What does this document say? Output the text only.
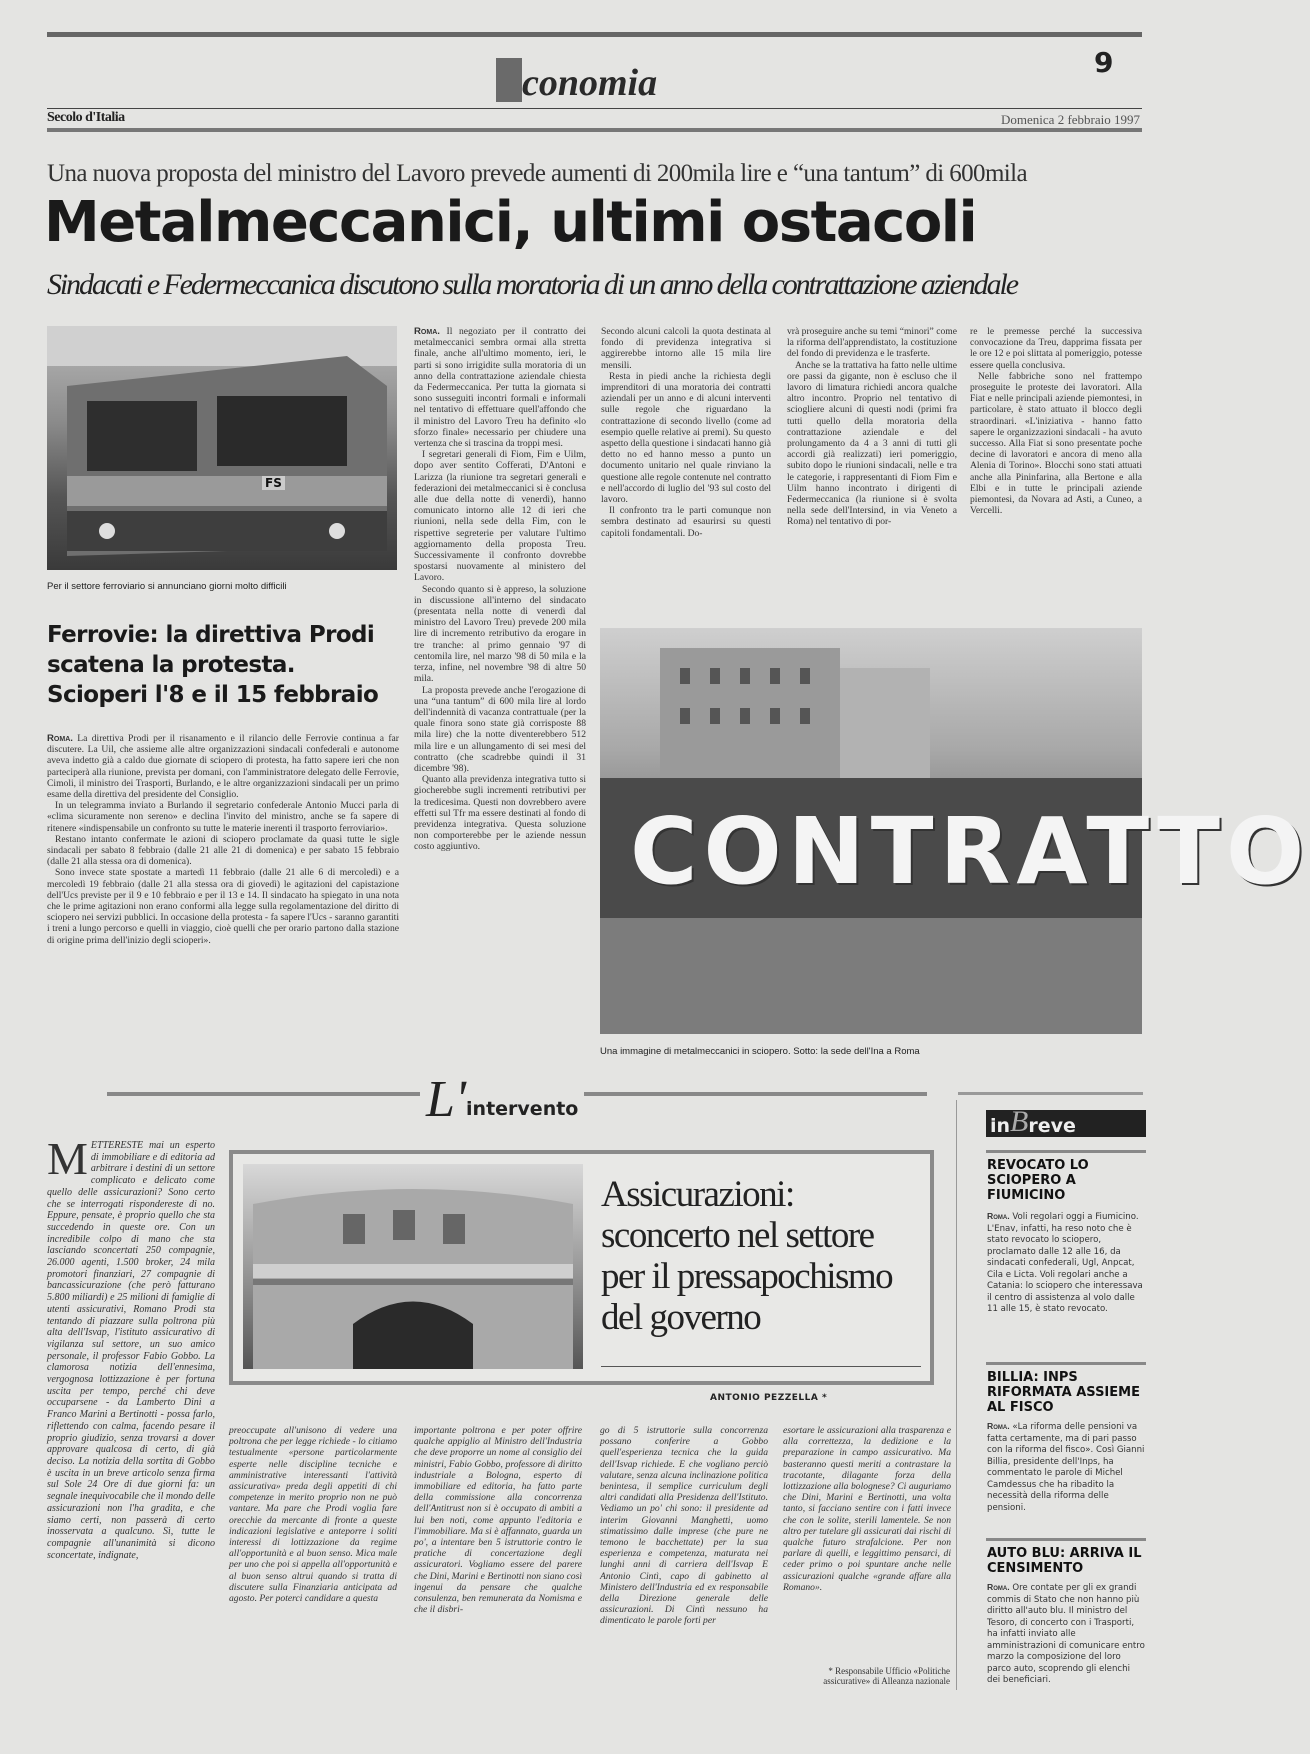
conomia	9
Secolo d'Italia	Domenica 2 febbraio 1997
Una nuova proposta del ministro del Lavoro prevede aumenti di 200mila lire e “una tantum” di 600mila
Metalmeccanici, ultimi ostacoli
Sindacati e Federmeccanica discutono sulla moratoria di un anno della contrattazione aziendale
FS
Per il settore ferroviario si annunciano giorni molto difficili
Ferrovie: la direttiva Prodi scatena la protesta. Scioperi l'8 e il 15 febbraio

Roma. La direttiva Prodi per il risanamento e il rilancio delle Ferrovie continua a far discutere. La Uil, che assieme alle altre organizzazioni sindacali confederali e autonome aveva indetto già a caldo due giornate di sciopero di protesta, ha fatto sapere ieri che non parteciperà alla riunione, prevista per domani, con l'amministratore delegato delle Ferrovie, Cimoli, il ministro dei Trasporti, Burlando, e le altre organizzazioni sindacali per un primo esame della direttiva del presidente del Consiglio.

In un telegramma inviato a Burlando il segretario confederale Antonio Mucci parla di «clima sicuramente non sereno» e declina l'invito del ministro, anche se fa sapere di ritenere «indispensabile un confronto su tutte le materie inerenti il trasporto ferroviario».

Restano intanto confermate le azioni di sciopero proclamate da quasi tutte le sigle sindacali per sabato 8 febbraio (dalle 21 alle 21 di domenica) e per sabato 15 febbraio (dalle 21 alla stessa ora di domenica).

Sono invece state spostate a martedì 11 febbraio (dalle 21 alle 6 di mercoledì) e a mercoledì 19 febbraio (dalle 21 alla stessa ora di giovedì) le agitazioni del capistazione dell'Ucs previste per il 9 e 10 febbraio e per il 13 e 14. Il sindacato ha spiegato in una nota che le prime agitazioni non erano conformi alla legge sulla regolamentazione del diritto di sciopero nei servizi pubblici. In occasione della protesta - fa sapere l'Ucs - saranno garantiti i treni a lungo percorso e quelli in viaggio, cioè quelli che per orario partono dalla stazione di origine prima dell'inizio degli scioperi».

Roma. Il negoziato per il contratto dei metalmeccanici sembra ormai alla stretta finale, anche all'ultimo momento, ieri, le parti si sono irrigidite sulla moratoria di un anno della contrattazione aziendale chiesta da Federmeccanica. Per tutta la giornata si sono susseguiti incontri formali e informali nel tentativo di effettuare quell'affondo che il ministro del Lavoro Treu ha definito «lo sforzo finale» necessario per chiudere una vertenza che si trascina da troppi mesi.

I segretari generali di Fiom, Fim e Uilm, dopo aver sentito Cofferati, D'Antoni e Larizza (la riunione tra segretari generali e federazioni dei metalmeccanici si è conclusa alle due della notte di venerdì), hanno comunicato intorno alle 12 di ieri che riunioni, nella sede della Fim, con le rispettive segreterie per valutare l'ultimo aggiornamento della proposta Treu. Successivamente il confronto dovrebbe spostarsi nuovamente al ministero del Lavoro.

Secondo quanto si è appreso, la soluzione in discussione all'interno del sindacato (presentata nella notte di venerdì dal ministro del Lavoro Treu) prevede 200 mila lire di incremento retributivo da erogare in tre tranche: al primo gennaio '97 di centomila lire, nel marzo '98 di 50 mila e la terza, infine, nel novembre '98 di altre 50 mila.

La proposta prevede anche l'erogazione di una “una tantum” di 600 mila lire al lordo dell'indennità di vacanza contrattuale (per la quale finora sono state già corrisposte 88 mila lire) che la notte diventerebbero 512 mila lire e un allungamento di sei mesi del contratto (che scadrebbe quindi il 31 dicembre '98).

Quanto alla previdenza integrativa tutto si giocherebbe sugli incrementi retributivi per la tredicesima. Questi non dovrebbero avere effetti sul Tfr ma essere destinati al fondo di previdenza integrativa. Questa soluzione non comporterebbe per le aziende nessun costo aggiuntivo.

Secondo alcuni calcoli la quota destinata al fondo di previdenza integrativa si aggirerebbe intorno alle 15 mila lire mensili.

Resta in piedi anche la richiesta degli imprenditori di una moratoria dei contratti aziendali per un anno e di alcuni interventi sulle regole che riguardano la contrattazione di secondo livello (come ad esempio quelle relative ai premi). Su questo aspetto della questione i sindacati hanno già detto no ed hanno messo a punto un documento unitario nel quale rinviano la questione alle regole contenute nel contratto e nell'accordo di luglio del '93 sul costo del lavoro.

Il confronto tra le parti comunque non sembra destinato ad esaurirsi su questi capitoli fondamentali. Do-

vrà proseguire anche su temi “minori” come la riforma dell'apprendistato, la costituzione del fondo di previdenza e le trasferte.

Anche se la trattativa ha fatto nelle ultime ore passi da gigante, non è escluso che il lavoro di limatura richiedi ancora qualche altro incontro. Proprio nel tentativo di sciogliere alcuni di questi nodi (primi fra tutti quello della moratoria della contrattazione aziendale e del prolungamento da 4 a 3 anni di tutti gli accordi già realizzati) ieri pomeriggio, subito dopo le riunioni sindacali, nelle e tra le categorie, i rappresentanti di Fiom Fim e Uilm hanno incontrato i dirigenti di Federmeccanica (la riunione si è svolta nella sede dell'Intersind, in via Veneto a Roma) nel tentativo di por-

re le premesse perché la successiva convocazione da Treu, dapprima fissata per le ore 12 e poi slittata al pomeriggio, potesse essere quella conclusiva.

Nelle fabbriche sono nel frattempo proseguite le proteste dei lavoratori. Alla Fiat e nelle principali aziende piemontesi, in particolare, è stato attuato il blocco degli straordinari. «L'iniziativa - hanno fatto sapere le organizzazioni sindacali - ha avuto successo. Alla Fiat si sono presentate poche decine di lavoratori e ancora di meno alla Alenia di Torino». Blocchi sono stati attuati anche alla Pininfarina, alla Bertone e alla Elbi e in tutte le principali aziende piemontesi, da Novara ad Asti, a Cuneo, a Vercelli.

CONTRATTO
Una immagine di metalmeccanici in sciopero. Sotto: la sede dell'Ina a Roma
L' intervento

METTERESTE mai un esperto di immobiliare e di editoria ad arbitrare i destini di un settore complicato e delicato come quello delle assicurazioni? Sono certo che se interrogati rispondereste di no. Eppure, pensate, è proprio quello che sta succedendo in queste ore. Con un incredibile colpo di mano che sta lasciando sconcertati 250 compagnie, 26.000 agenti, 1.500 broker, 24 mila promotori finanziari, 27 compagnie di bancassicurazione (che però fatturano 5.800 miliardi) e 25 milioni di famiglie di utenti assicurativi, Romano Prodi sta tentando di piazzare sulla poltrona più alta dell'Isvap, l'istituto assicurativo di vigilanza sul settore, un suo amico personale, il professor Fabio Gobbo. La clamorosa notizia dell'ennesima, vergognosa lottizzazione è per fortuna uscita per tempo, perché chi deve occuparsene - da Lamberto Dini a Franco Marini a Bertinotti - possa farlo, riflettendo con calma, facendo pesare il proprio giudizio, senza trovarsi a dover approvare qualcosa di certo, di già deciso. La notizia della sortita di Gobbo è uscita in un breve articolo senza firma sul Sole 24 Ore di due giorni fa: un segnale inequivocabile che il mondo delle assicurazioni non l'ha gradita, e che siamo certi, non passerà di certo inosservata a qualcuno. Sì, tutte le compagnie all'unanimità si dicono sconcertate, indignate,

Assicurazioni: sconcerto nel settore per il pressapochismo del governo
ANTONIO PEZZELLA *

preoccupate all'unisono di vedere una poltrona che per legge richiede - lo citiamo testualmente «persone particolarmente esperte nelle discipline tecniche e amministrative interessanti l'attività assicurativa» preda degli appetiti di chi competenze in merito proprio non ne può vantare. Ma pare che Prodi voglia fare orecchie da mercante di fronte a queste indicazioni legislative e anteporre i soliti interessi di lottizzazione da regime all'opportunità e al buon senso. Mica male per uno che poi si appella all'opportunità e al buon senso altrui quando si tratta di discutere sulla Finanziaria anticipata ad agosto. Per poterci candidare a questa

importante poltrona e per poter offrire qualche appiglio al Ministro dell'Industria che deve proporre un nome al consiglio dei ministri, Fabio Gobbo, professore di diritto industriale a Bologna, esperto di immobiliare ed editoria, ha fatto parte della commissione alla concorrenza dell'Antitrust non si è occupato di ambiti a lui ben noti, come appunto l'editoria e l'immobiliare. Ma si è affannato, guarda un po', a intentare ben 5 istruttorie contro le pratiche di concertazione degli assicuratori. Vogliamo essere del parere che Dini, Marini e Bertinotti non siano così ingenui da pensare che qualche consulenza, ben remunerata da Nomisma e che il disbri-

go di 5 istruttorie sulla concorrenza possano conferire a Gobbo quell'esperienza tecnica che la guida dell'Isvap richiede. E che vogliano perciò valutare, senza alcuna inclinazione politica benintesa, il semplice curriculum degli altri candidati alla Presidenza dell'Istituto. Vediamo un po' chi sono: il presidente ad interim Giovanni Manghetti, uomo stimatissimo dalle imprese (che pure ne temono le bacchettate) per la sua esperienza e competenza, maturata nei lunghi anni di carriera dell'Isvap E Antonio Cintì, capo di gabinetto al Ministero dell'Industria ed ex responsabile della Direzione generale delle assicurazioni. Di Cintì nessuno ha dimenticato le parole forti per

esortare le assicurazioni alla trasparenza e alla correttezza, la dedizione e la preparazione in campo assicurativo. Ma basteranno questi meriti a contrastare la tracotante, dilagante forza della lottizzazione alla bolognese? Ci auguriamo che Dini, Marini e Bertinotti, una volta tanto, si facciano sentire con i fatti invece che con le solite, sterili lamentele. Se non altro per tutelare gli assicurati dai rischi di qualche futuro strafalcione. Per non parlare di quelli, e leggittimo pensarci, di ceder primo o poi spuntare anche nelle assicurazioni qualche «grande affare alla Romano».

* Responsabile Ufficio «Politiche assicurative» di Alleanza nazionale
in B reve
REVOCATO LO SCIOPERO A FIUMICINO
Roma. Voli regolari oggi a Fiumicino. L'Enav, infatti, ha reso noto che è stato revocato lo sciopero, proclamato dalle 12 alle 16, da sindacati confederali, Ugl, Anpcat, Cila e Licta. Voli regolari anche a Catania: lo sciopero che interessava il centro di assistenza al volo dalle 11 alle 15, è stato revocato.
BILLIA: INPS RIFORMATA ASSIEME AL FISCO
Roma. «La riforma delle pensioni va fatta certamente, ma di pari passo con la riforma del fisco». Così Gianni Billia, presidente dell'Inps, ha commentato le parole di Michel Camdessus che ha ribadito la necessità della riforma delle pensioni.
AUTO BLU: ARRIVA IL CENSIMENTO
Roma. Ore contate per gli ex grandi commis di Stato che non hanno più diritto all'auto blu. Il ministro del Tesoro, di concerto con i Trasporti, ha infatti inviato alle amministrazioni di comunicare entro marzo la composizione del loro parco auto, scoprendo gli elenchi dei beneficiari.
